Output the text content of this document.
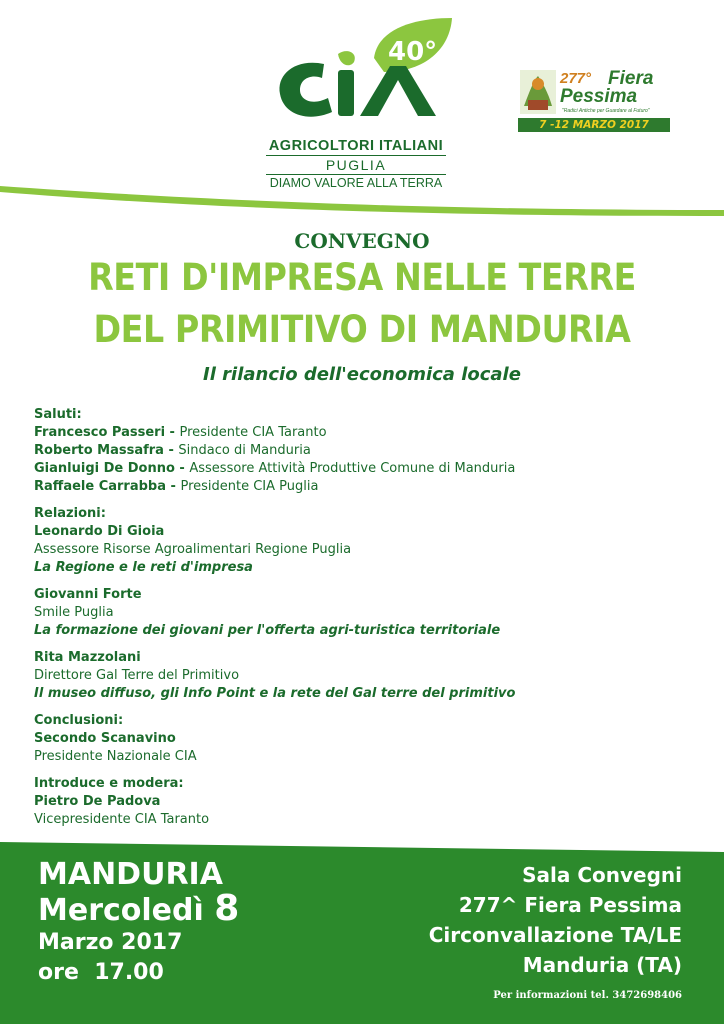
40°
AGRICOLTORI ITALIANI
PUGLIA
DIAMO VALORE ALLA TERRA
277° Fiera
Pessima
"Radici Antiche per Guardare al Futuro"
7 -12 MARZO 2017
CONVEGNO
RETI D'IMPRESA NELLE TERRE
DEL PRIMITIVO DI MANDURIA
Il rilancio dell'economica locale
Saluti:
Francesco Passeri - Presidente CIA Taranto
Roberto Massafra - Sindaco di Manduria
Gianluigi De Donno - Assessore Attività Produttive Comune di Manduria
Raffaele Carrabba - Presidente CIA Puglia
Relazioni:
Leonardo Di Gioia
Assessore Risorse Agroalimentari Regione Puglia
La Regione e le reti d'impresa
Giovanni Forte
Smile Puglia
La formazione dei giovani per l'offerta agri-turistica territoriale
Rita Mazzolani
Direttore Gal Terre del Primitivo
Il museo diffuso, gli Info Point e la rete del Gal terre del primitivo
Conclusioni:
Secondo Scanavino
Presidente Nazionale CIA
Introduce e modera:
Pietro De Padova
Vicepresidente CIA Taranto
MANDURIA
Mercoledì 8
Marzo 2017
ore  17.00
Sala Convegni
277^ Fiera Pessima
Circonvallazione TA/LE
Manduria (TA)
Per informazioni tel. 3472698406
